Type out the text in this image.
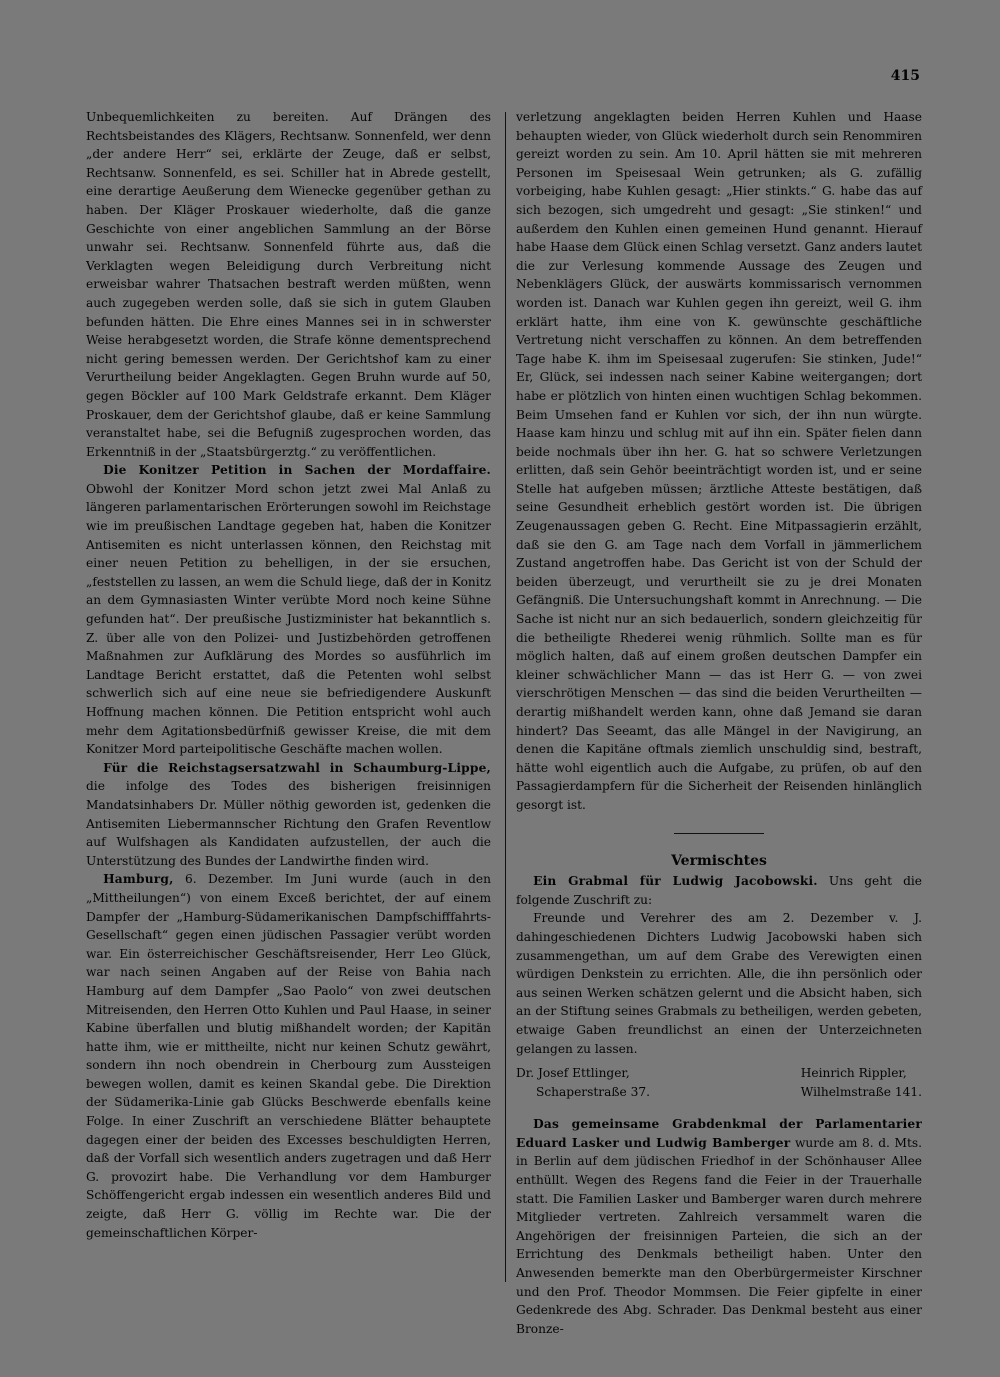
415

Unbequemlichkeiten zu bereiten. Auf Drängen des Rechtsbeistandes des Klägers, Rechtsanw. Sonnenfeld, wer denn „der andere Herr“ sei, erklärte der Zeuge, daß er selbst, Rechtsanw. Sonnenfeld, es sei. Schiller hat in Abrede gestellt, eine derartige Aeußerung dem Wienecke gegenüber gethan zu haben. Der Kläger Proskauer wiederholte, daß die ganze Geschichte von einer angeblichen Sammlung an der Börse unwahr sei. Rechtsanw. Sonnenfeld führte aus, daß die Verklagten wegen Beleidigung durch Verbreitung nicht erweisbar wahrer Thatsachen bestraft werden müßten, wenn auch zugegeben werden solle, daß sie sich in gutem Glauben befunden hätten. Die Ehre eines Mannes sei in in schwerster Weise herabgesetzt worden, die Strafe könne dementsprechend nicht gering bemessen werden. Der Gerichtshof kam zu einer Verurtheilung beider Angeklagten. Gegen Bruhn wurde auf 50, gegen Böckler auf 100 Mark Geldstrafe erkannt. Dem Kläger Proskauer, dem der Gerichtshof glaube, daß er keine Sammlung veranstaltet habe, sei die Befugniß zugesprochen worden, das Erkenntniß in der „Staatsbürgerztg.“ zu veröffentlichen.

Die Konitzer Petition in Sachen der Mordaffaire. Obwohl der Konitzer Mord schon jetzt zwei Mal Anlaß zu längeren parlamentarischen Erörterungen sowohl im Reichstage wie im preußischen Landtage gegeben hat, haben die Konitzer Antisemiten es nicht unterlassen können, den Reichstag mit einer neuen Petition zu behelligen, in der sie ersuchen, „feststellen zu lassen, an wem die Schuld liege, daß der in Konitz an dem Gymnasiasten Winter verübte Mord noch keine Sühne gefunden hat“. Der preußische Justizminister hat bekanntlich s. Z. über alle von den Polizei- und Justizbehörden getroffenen Maßnahmen zur Aufklärung des Mordes so ausführlich im Landtage Bericht erstattet, daß die Petenten wohl selbst schwerlich sich auf eine neue sie befriedigendere Auskunft Hoffnung machen können. Die Petition entspricht wohl auch mehr dem Agitationsbedürfniß gewisser Kreise, die mit dem Konitzer Mord parteipolitische Geschäfte machen wollen.

Für die Reichstagsersatzwahl in Schaumburg-Lippe, die infolge des Todes des bisherigen freisinnigen Mandatsinhabers Dr. Müller nöthig geworden ist, gedenken die Antisemiten Liebermannscher Richtung den Grafen Reventlow auf Wulfshagen als Kandidaten aufzustellen, der auch die Unterstützung des Bundes der Landwirthe finden wird.

Hamburg, 6. Dezember. Im Juni wurde (auch in den „Mittheilungen“) von einem Exceß berichtet, der auf einem Dampfer der „Hamburg-Südamerikanischen Dampfschifffahrts-Gesellschaft“ gegen einen jüdischen Passagier verübt worden war. Ein österreichischer Geschäftsreisender, Herr Leo Glück, war nach seinen Angaben auf der Reise von Bahia nach Hamburg auf dem Dampfer „Sao Paolo“ von zwei deutschen Mitreisenden, den Herren Otto Kuhlen und Paul Haase, in seiner Kabine überfallen und blutig mißhandelt worden; der Kapitän hatte ihm, wie er mittheilte, nicht nur keinen Schutz gewährt, sondern ihn noch obendrein in Cherbourg zum Aussteigen bewegen wollen, damit es keinen Skandal gebe. Die Direktion der Südamerika-Linie gab Glücks Beschwerde ebenfalls keine Folge. In einer Zuschrift an verschiedene Blätter behauptete dagegen einer der beiden des Excesses beschuldigten Herren, daß der Vorfall sich wesentlich anders zugetragen und daß Herr G. provozirt habe. Die Verhandlung vor dem Hamburger Schöffengericht ergab indessen ein wesentlich anderes Bild und zeigte, daß Herr G. völlig im Rechte war. Die der gemeinschaftlichen Körper-

verletzung angeklagten beiden Herren Kuhlen und Haase behaupten wieder, von Glück wiederholt durch sein Renommiren gereizt worden zu sein. Am 10. April hätten sie mit mehreren Personen im Speisesaal Wein getrunken; als G. zufällig vorbeiging, habe Kuhlen gesagt: „Hier stinkts.“ G. habe das auf sich bezogen, sich umgedreht und gesagt: „Sie stinken!“ und außerdem den Kuhlen einen gemeinen Hund genannt. Hierauf habe Haase dem Glück einen Schlag versetzt. Ganz anders lautet die zur Verlesung kommende Aussage des Zeugen und Nebenklägers Glück, der auswärts kommissarisch vernommen worden ist. Danach war Kuhlen gegen ihn gereizt, weil G. ihm erklärt hatte, ihm eine von K. gewünschte geschäftliche Vertretung nicht verschaffen zu können. An dem betreffenden Tage habe K. ihm im Speisesaal zugerufen: Sie stinken, Jude!“ Er, Glück, sei indessen nach seiner Kabine weitergangen; dort habe er plötzlich von hinten einen wuchtigen Schlag bekommen. Beim Umsehen fand er Kuhlen vor sich, der ihn nun würgte. Haase kam hinzu und schlug mit auf ihn ein. Später fielen dann beide nochmals über ihn her. G. hat so schwere Verletzungen erlitten, daß sein Gehör beeinträchtigt worden ist, und er seine Stelle hat aufgeben müssen; ärztliche Atteste bestätigen, daß seine Gesundheit erheblich gestört worden ist. Die übrigen Zeugenaussagen geben G. Recht. Eine Mitpassagierin erzählt, daß sie den G. am Tage nach dem Vorfall in jämmerlichem Zustand angetroffen habe. Das Gericht ist von der Schuld der beiden überzeugt, und verurtheilt sie zu je drei Monaten Gefängniß. Die Untersuchungshaft kommt in Anrechnung. — Die Sache ist nicht nur an sich bedauerlich, sondern gleichzeitig für die betheiligte Rhederei wenig rühmlich. Sollte man es für möglich halten, daß auf einem großen deutschen Dampfer ein kleiner schwächlicher Mann — das ist Herr G. — von zwei vierschrötigen Menschen — das sind die beiden Verurtheilten — derartig mißhandelt werden kann, ohne daß Jemand sie daran hindert? Das Seeamt, das alle Mängel in der Navigirung, an denen die Kapitäne oftmals ziemlich unschuldig sind, bestraft, hätte wohl eigentlich auch die Aufgabe, zu prüfen, ob auf den Passagierdampfern für die Sicherheit der Reisenden hinlänglich gesorgt ist.

Vermischtes

Ein Grabmal für Ludwig Jacobowski. Uns geht die folgende Zuschrift zu:

Freunde und Verehrer des am 2. Dezember v. J. dahingeschiedenen Dichters Ludwig Jacobowski haben sich zusammengethan, um auf dem Grabe des Verewigten einen würdigen Denkstein zu errichten. Alle, die ihn persönlich oder aus seinen Werken schätzen gelernt und die Absicht haben, sich an der Stiftung seines Grabmals zu betheiligen, werden gebeten, etwaige Gaben freundlichst an einen der Unterzeichneten gelangen zu lassen.

Dr. Josef Ettlinger,
Schaperstraße 37.
Heinrich Rippler,
Wilhelmstraße 141.

Das gemeinsame Grabdenkmal der Parlamentarier Eduard Lasker und Ludwig Bamberger wurde am 8. d. Mts. in Berlin auf dem jüdischen Friedhof in der Schönhauser Allee enthüllt. Wegen des Regens fand die Feier in der Trauerhalle statt. Die Familien Lasker und Bamberger waren durch mehrere Mitglieder vertreten. Zahlreich versammelt waren die Angehörigen der freisinnigen Parteien, die sich an der Errichtung des Denkmals betheiligt haben. Unter den Anwesenden bemerkte man den Oberbürgermeister Kirschner und den Prof. Theodor Mommsen. Die Feier gipfelte in einer Gedenkrede des Abg. Schrader. Das Denkmal besteht aus einer Bronze-
